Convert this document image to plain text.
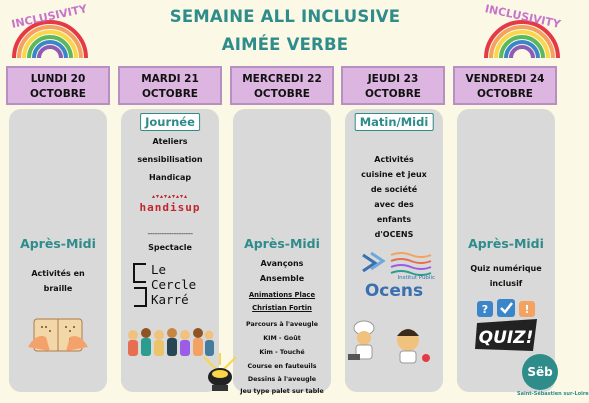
SEMAINE ALL INCLUSIVE
AIMÉE VERBE
INCLUSIVITY	INCLUSIVITY
LUNDI 20
OCTOBRE
MARDI 21
OCTOBRE
MERCREDI 22
OCTOBRE
JEUDI 23
OCTOBRE
VENDREDI 24
OCTOBRE
Après-Midi
Activités en
braille
Journée
Ateliers
sensibilisation
Handicap
▴▾▴▾▴▾▴▾▴
handisup
-------------------
Spectacle
Le
Cercle
Karré
Après-Midi
Avançons
Ansemble
Animations Place
Christian Fortin
Parcours à l'aveugle
KIM - Goût
Kim - Touché
Course en fauteuils
Dessins à l'aveugle
Jeu type palet sur table
Matin/Midi
Activités
cuisine et jeux
de société
avec des
enfants
d'OCENS
Institut Public
Ocens
Après-Midi
Quiz numérique
inclusif
?	!
QUIZ!
Sëb
Saint-Sébastien sur-Loire
